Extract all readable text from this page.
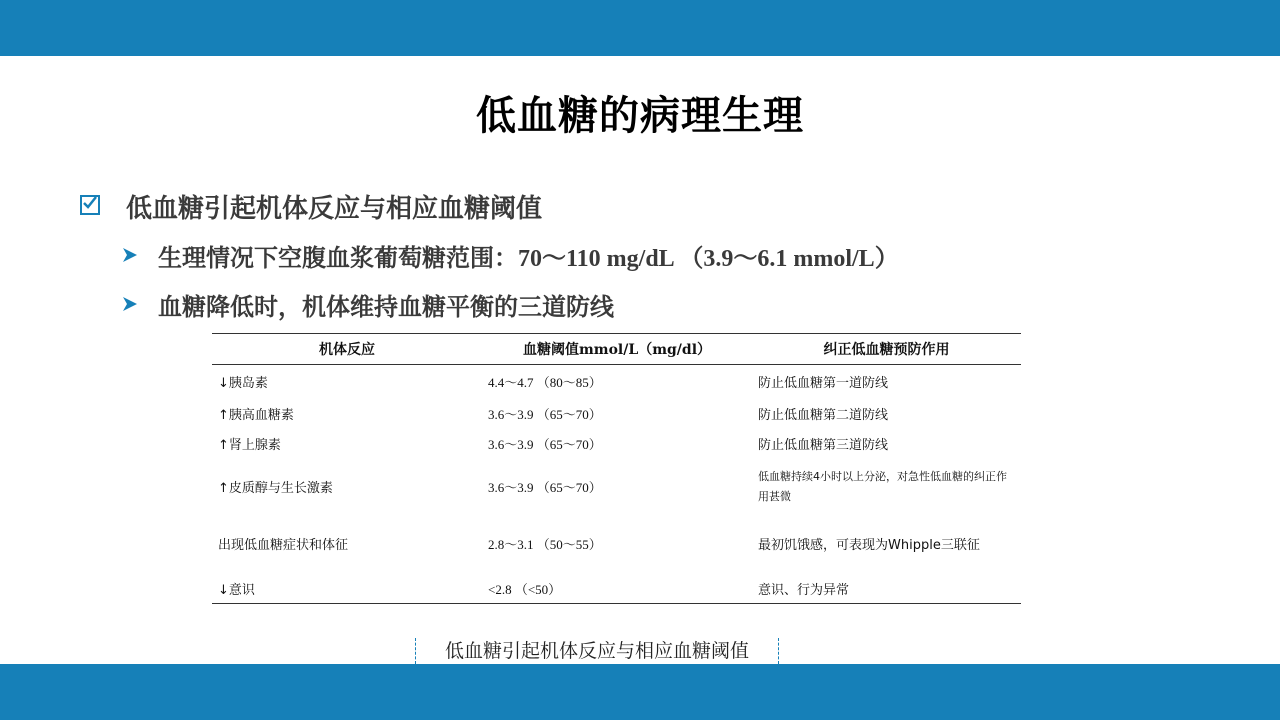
低血糖的病理生理
低血糖引起机体反应与相应血糖阈值
生理情况下空腹血浆葡萄糖范围： 70～110 mg/dL （3.9～6.1 mmol/L）
血糖降低时，机体维持血糖平衡的三道防线
机体反应	血糖阈值mmol/L（mg/dl）	纠正低血糖预防作用
↓胰岛素	4.4～4.7 （80～85）	防止低血糖第一道防线
↑胰高血糖素	3.6～3.9 （65～70）	防止低血糖第二道防线
↑肾上腺素	3.6～3.9 （65～70）	防止低血糖第三道防线
↑皮质醇与生长激素	3.6～3.9 （65～70）	低血糖持续4小时以上分泌，对急性低血糖的纠正作用甚微
出现低血糖症状和体征	2.8～3.1 （50～55）	最初饥饿感，可表现为Whipple三联征
↓意识	<2.8 （<50）	意识、行为异常
低血糖引起机体反应与相应血糖阈值
